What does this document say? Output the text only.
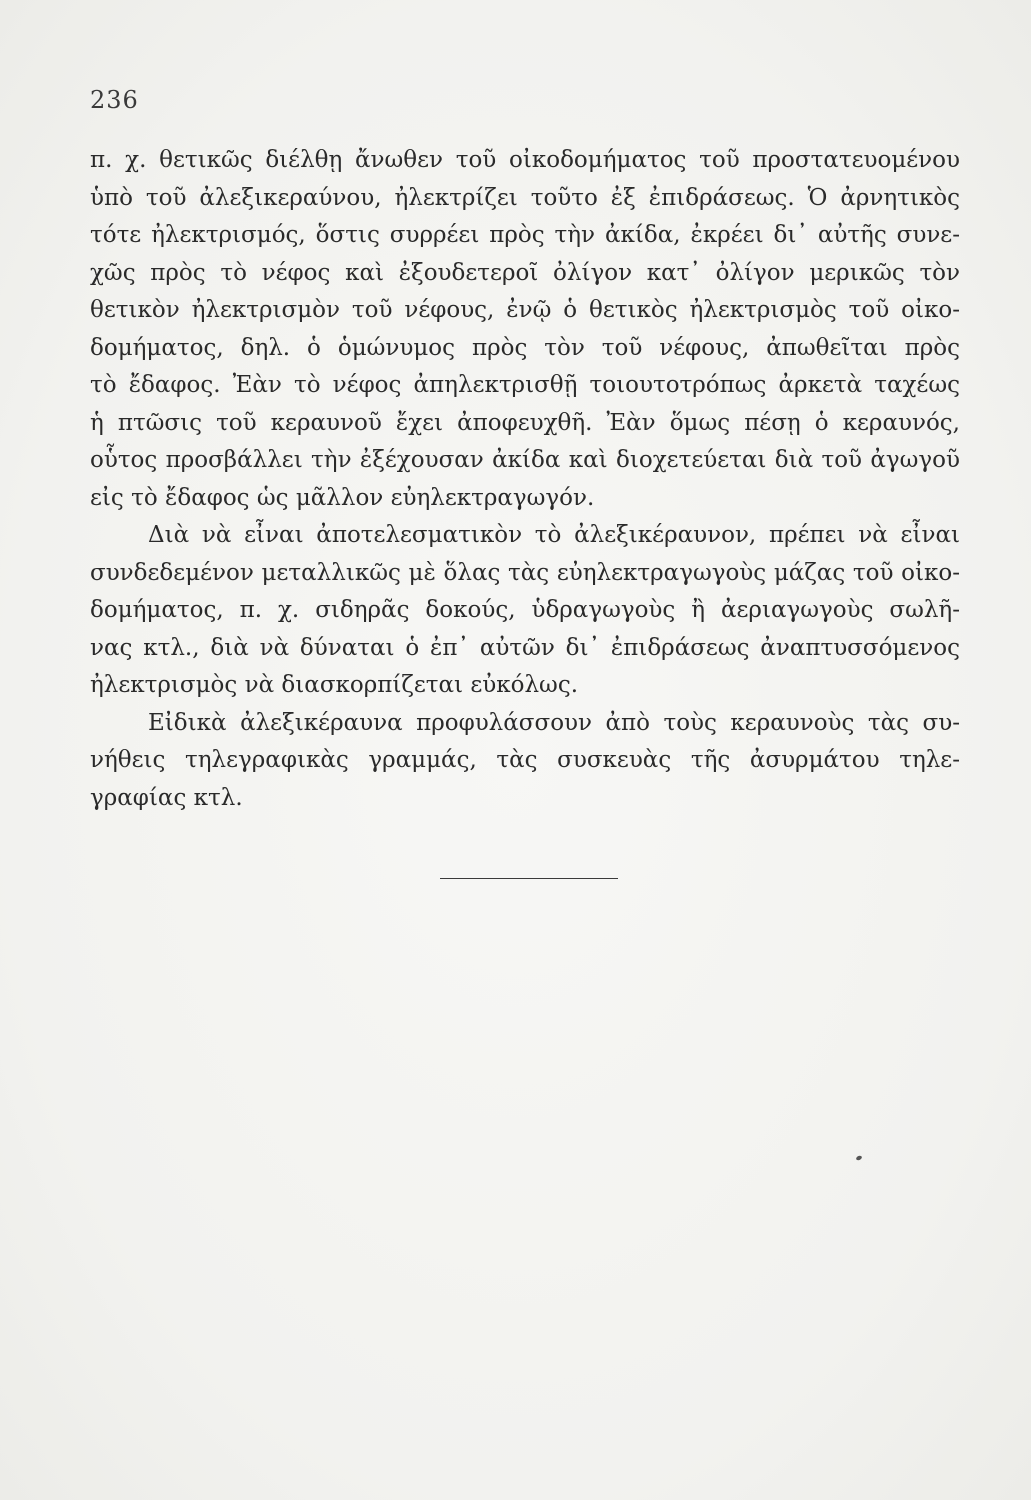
236
π. χ. θετικῶς διέλθῃ ἄνωθεν τοῦ οἰκοδομήματος τοῦ προστατευομένου
ὑπὸ τοῦ ἀλεξικεραύνου, ἠλεκτρίζει τοῦτο ἐξ ἐπιδράσεως. Ὁ ἀρνητικὸς
τότε ἠλεκτρισμός, ὅστις συρρέει πρὸς τὴν ἀκίδα, ἐκρέει δι᾽ αὐτῆς συνε-
χῶς πρὸς τὸ νέφος καὶ ἐξουδετεροῖ ὀλίγον κατ᾽ ὀλίγον μερικῶς τὸν
θετικὸν ἠλεκτρισμὸν τοῦ νέφους, ἐνῷ ὁ θετικὸς ἠλεκτρισμὸς τοῦ οἰκο-
δομήματος, δηλ. ὁ ὁμώνυμος πρὸς τὸν τοῦ νέφους, ἀπωθεῖται πρὸς
τὸ ἔδαφος. Ἐὰν τὸ νέφος ἀπηλεκτρισθῇ τοιουτοτρόπως ἀρκετὰ ταχέως
ἡ πτῶσις τοῦ κεραυνοῦ ἔχει ἀποφευχθῆ. Ἐὰν ὅμως πέσῃ ὁ κεραυνός,
οὗτος προσβάλλει τὴν ἐξέχουσαν ἀκίδα καὶ διοχετεύεται διὰ τοῦ ἀγωγοῦ
εἰς τὸ ἔδαφος ὡς μᾶλλον εὐηλεκτραγωγόν.
Διὰ νὰ εἶναι ἀποτελεσματικὸν τὸ ἀλεξικέραυνον, πρέπει νὰ εἶναι
συνδεδεμένον μεταλλικῶς μὲ ὅλας τὰς εὐηλεκτραγωγοὺς μάζας τοῦ οἰκο-
δομήματος, π. χ. σιδηρᾶς δοκούς, ὑδραγωγοὺς ἢ ἀεριαγωγοὺς σωλῆ-
νας κτλ., διὰ νὰ δύναται ὁ ἐπ᾽ αὐτῶν δι᾽ ἐπιδράσεως ἀναπτυσσόμενος
ἠλεκτρισμὸς νὰ διασκορπίζεται εὐκόλως.
Εἰδικὰ ἀλεξικέραυνα προφυλάσσουν ἀπὸ τοὺς κεραυνοὺς τὰς συ-
νήθεις τηλεγραφικὰς γραμμάς, τὰς συσκευὰς τῆς ἀσυρμάτου τηλε-
γραφίας κτλ.
